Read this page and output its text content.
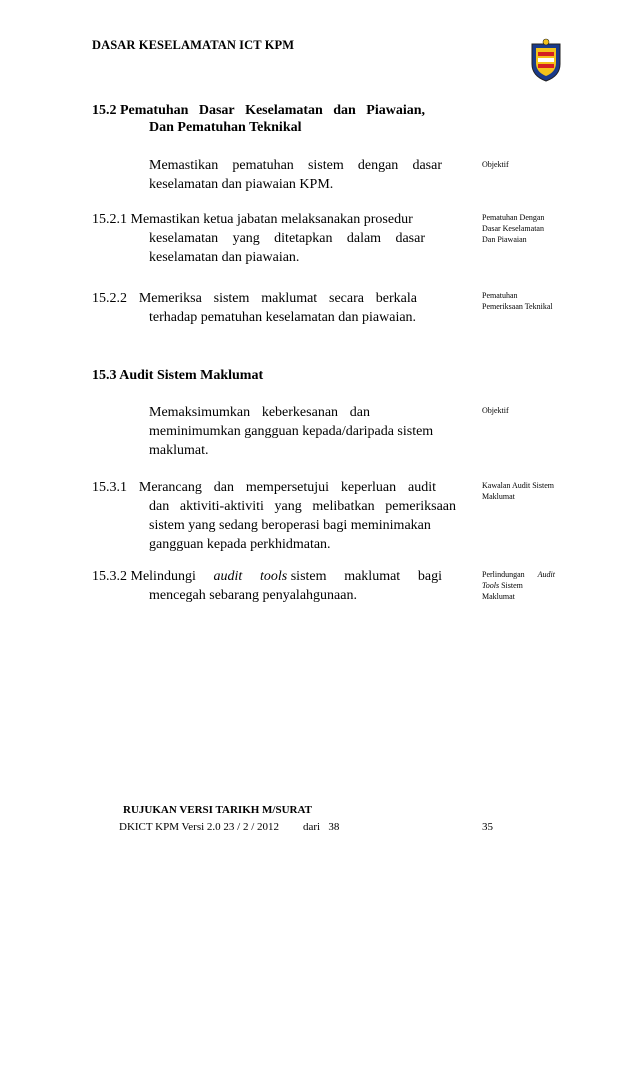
DASAR KESELAMATAN ICT KPM
15.2 Pematuhan Dasar Keselamatan dan Piawaian,
Dan Pematuhan Teknikal
Memastikan pematuhan sistem dengan dasar
keselamatan dan piawaian KPM.
Objektif
15.2.1 Memastikan ketua jabatan melaksanakan prosedur
keselamatan yang ditetapkan dalam dasar
keselamatan dan piawaian.
Pematuhan Dengan
Dasar Keselamatan
Dan Piawaian
15.2.2 Memeriksa sistem maklumat secara berkala
terhadap pematuhan keselamatan dan piawaian.
Pematuhan
Pemeriksaan Teknikal
15.3 Audit Sistem Maklumat
Memaksimumkan keberkesanan dan
meminimumkan gangguan kepada/daripada sistem
maklumat.
Objektif
15.3.1 Merancang dan mempersetujui keperluan audit
dan aktiviti-aktiviti yang melibatkan pemeriksaan
sistem yang sedang beroperasi bagi meminimakan
gangguan kepada perkhidmatan.
Kawalan Audit Sistem
Maklumat
15.3.2 Melindungi audit tools sistem maklumat bagi
mencegah sebarang penyalahgunaan.
Perlindungan Audit
Tools Sistem
Maklumat
RUJUKAN VERSI TARIKH M/SURAT
DKICT KPM Versi 2.0 23 / 2 / 2012 dari 38	35
